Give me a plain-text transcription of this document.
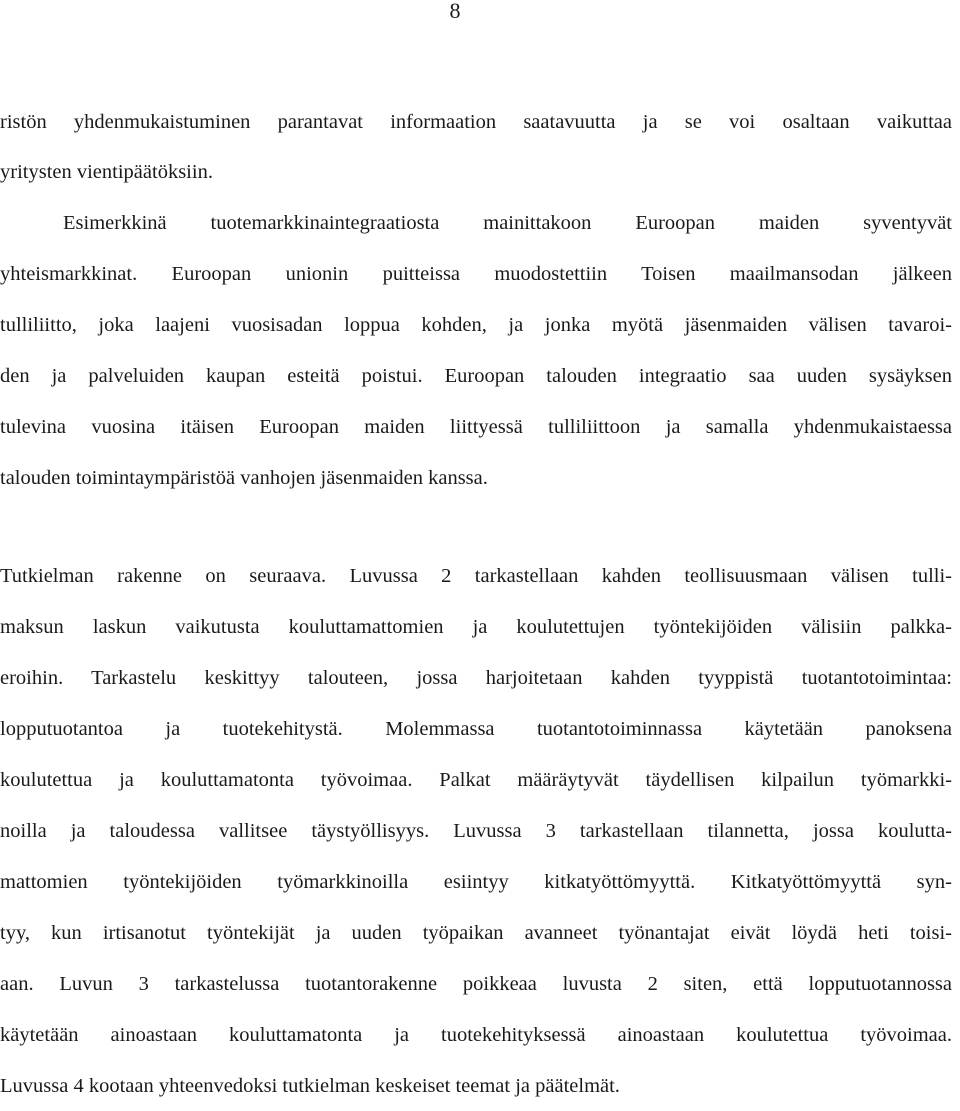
8
ristön yhdenmukaistuminen parantavat informaation saatavuutta ja se voi osaltaan vaikuttaa
yritysten vientipäätöksiin.
Esimerkkinä tuotemarkkinaintegraatiosta mainittakoon Euroopan maiden syventyvät
yhteismarkkinat. Euroopan unionin puitteissa muodostettiin Toisen maailmansodan jälkeen
tulliliitto, joka laajeni vuosisadan loppua kohden, ja jonka myötä jäsenmaiden välisen tavaroi-
den ja palveluiden kaupan esteitä poistui. Euroopan talouden integraatio saa uuden sysäyksen
tulevina vuosina itäisen Euroopan maiden liittyessä tulliliittoon ja samalla yhdenmukaistaessa
talouden toimintaympäristöä vanhojen jäsenmaiden kanssa.
Tutkielman rakenne on seuraava. Luvussa 2 tarkastellaan kahden teollisuusmaan välisen tulli-
maksun laskun vaikutusta kouluttamattomien ja koulutettujen työntekijöiden välisiin palkka-
eroihin. Tarkastelu keskittyy talouteen, jossa harjoitetaan kahden tyyppistä tuotantotoimintaa:
lopputuotantoa ja tuotekehitystä. Molemmassa tuotantotoiminnassa käytetään panoksena
koulutettua ja kouluttamatonta työvoimaa. Palkat määräytyvät täydellisen kilpailun työmarkki-
noilla ja taloudessa vallitsee täystyöllisyys. Luvussa 3 tarkastellaan tilannetta, jossa koulutta-
mattomien työntekijöiden työmarkkinoilla esiintyy kitkatyöttömyyttä. Kitkatyöttömyyttä syn-
tyy, kun irtisanotut työntekijät ja uuden työpaikan avanneet työnantajat eivät löydä heti toisi-
aan. Luvun 3 tarkastelussa tuotantorakenne poikkeaa luvusta 2 siten, että lopputuotannossa
käytetään ainoastaan kouluttamatonta ja tuotekehityksessä ainoastaan koulutettua työvoimaa.
Luvussa 4 kootaan yhteenvedoksi tutkielman keskeiset teemat ja päätelmät.
